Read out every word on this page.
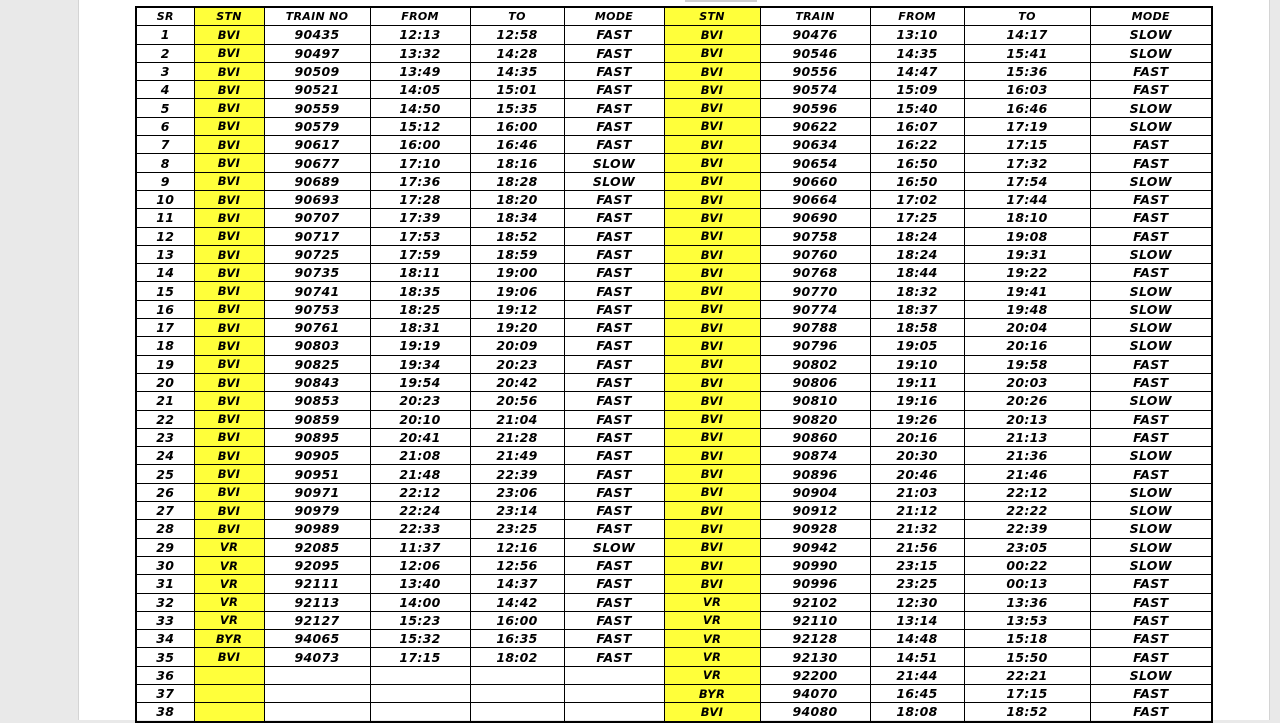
SR	STN	TRAIN NO	FROM	TO	MODE	STN	TRAIN	FROM	TO	MODE
1	BVI	90435	12:13	12:58	FAST	BVI	90476	13:10	14:17	SLOW
2	BVI	90497	13:32	14:28	FAST	BVI	90546	14:35	15:41	SLOW
3	BVI	90509	13:49	14:35	FAST	BVI	90556	14:47	15:36	FAST
4	BVI	90521	14:05	15:01	FAST	BVI	90574	15:09	16:03	FAST
5	BVI	90559	14:50	15:35	FAST	BVI	90596	15:40	16:46	SLOW
6	BVI	90579	15:12	16:00	FAST	BVI	90622	16:07	17:19	SLOW
7	BVI	90617	16:00	16:46	FAST	BVI	90634	16:22	17:15	FAST
8	BVI	90677	17:10	18:16	SLOW	BVI	90654	16:50	17:32	FAST
9	BVI	90689	17:36	18:28	SLOW	BVI	90660	16:50	17:54	SLOW
10	BVI	90693	17:28	18:20	FAST	BVI	90664	17:02	17:44	FAST
11	BVI	90707	17:39	18:34	FAST	BVI	90690	17:25	18:10	FAST
12	BVI	90717	17:53	18:52	FAST	BVI	90758	18:24	19:08	FAST
13	BVI	90725	17:59	18:59	FAST	BVI	90760	18:24	19:31	SLOW
14	BVI	90735	18:11	19:00	FAST	BVI	90768	18:44	19:22	FAST
15	BVI	90741	18:35	19:06	FAST	BVI	90770	18:32	19:41	SLOW
16	BVI	90753	18:25	19:12	FAST	BVI	90774	18:37	19:48	SLOW
17	BVI	90761	18:31	19:20	FAST	BVI	90788	18:58	20:04	SLOW
18	BVI	90803	19:19	20:09	FAST	BVI	90796	19:05	20:16	SLOW
19	BVI	90825	19:34	20:23	FAST	BVI	90802	19:10	19:58	FAST
20	BVI	90843	19:54	20:42	FAST	BVI	90806	19:11	20:03	FAST
21	BVI	90853	20:23	20:56	FAST	BVI	90810	19:16	20:26	SLOW
22	BVI	90859	20:10	21:04	FAST	BVI	90820	19:26	20:13	FAST
23	BVI	90895	20:41	21:28	FAST	BVI	90860	20:16	21:13	FAST
24	BVI	90905	21:08	21:49	FAST	BVI	90874	20:30	21:36	SLOW
25	BVI	90951	21:48	22:39	FAST	BVI	90896	20:46	21:46	FAST
26	BVI	90971	22:12	23:06	FAST	BVI	90904	21:03	22:12	SLOW
27	BVI	90979	22:24	23:14	FAST	BVI	90912	21:12	22:22	SLOW
28	BVI	90989	22:33	23:25	FAST	BVI	90928	21:32	22:39	SLOW
29	VR	92085	11:37	12:16	SLOW	BVI	90942	21:56	23:05	SLOW
30	VR	92095	12:06	12:56	FAST	BVI	90990	23:15	00:22	SLOW
31	VR	92111	13:40	14:37	FAST	BVI	90996	23:25	00:13	FAST
32	VR	92113	14:00	14:42	FAST	VR	92102	12:30	13:36	FAST
33	VR	92127	15:23	16:00	FAST	VR	92110	13:14	13:53	FAST
34	BYR	94065	15:32	16:35	FAST	VR	92128	14:48	15:18	FAST
35	BVI	94073	17:15	18:02	FAST	VR	92130	14:51	15:50	FAST
36						VR	92200	21:44	22:21	SLOW
37						BYR	94070	16:45	17:15	FAST
38						BVI	94080	18:08	18:52	FAST
